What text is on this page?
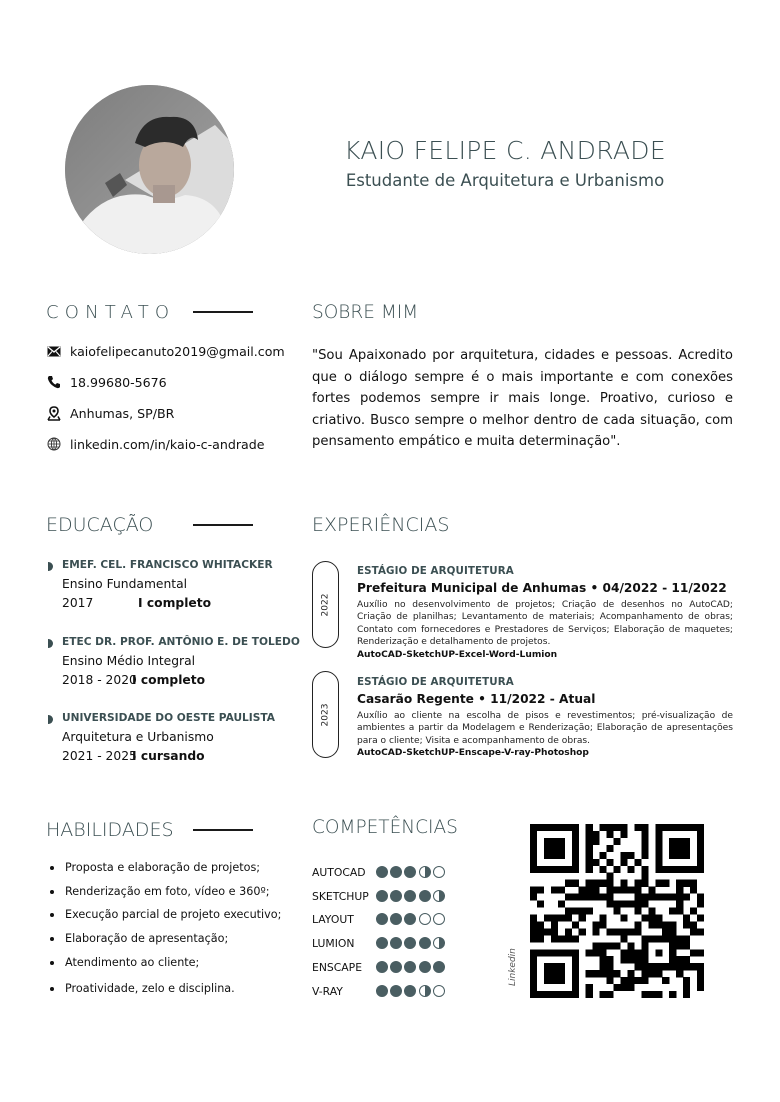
KAIO FELIPE C. ANDRADE
Estudante de Arquitetura e Urbanismo
CONTATO
kaiofelipecanuto2019@gmail.com
18.99680-5676
Anhumas, SP/BR
linkedin.com/in/kaio-c-andrade
SOBRE MIM

"Sou Apaixonado por arquitetura, cidades e pessoas. Acredito que o diálogo sempre é o mais importante e com conexões fortes podemos sempre ir mais longe. Proativo, curioso e criativo. Busco sempre o melhor dentro de cada situação, com pensamento empático e muita determinação".

EDUCAÇÃO
EMEF. CEL. FRANCISCO WHITACKER
Ensino Fundamental
2017	I completo
ETEC DR. PROF. ANTÔNIO E. DE TOLEDO
Ensino Médio Integral
2018 - 2020
I completo
UNIVERSIDADE DO OESTE PAULISTA
Arquitetura e Urbanismo
2021 - 2025
I cursando
EXPERIÊNCIAS
2022
ESTÁGIO DE ARQUITETURA
Prefeitura Municipal de Anhumas • 04/2022 - 11/2022
Auxílio no desenvolvimento de projetos; Criação de desenhos no AutoCAD; Criação de planilhas; Levantamento de materiais; Acompanhamento de obras; Contato com fornecedores e Prestadores de Serviços; Elaboração de maquetes; Renderização e detalhamento de projetos.
AutoCAD-SketchUP-Excel-Word-Lumion
2023
ESTÁGIO DE ARQUITETURA
Casarão Regente • 11/2022 - Atual
Auxílio ao cliente na escolha de pisos e revestimentos; pré-visualização de ambientes a partir da Modelagem e Renderização; Elaboração de apresentações para o cliente; Visita e acompanhamento de obras.
AutoCAD-SketchUP-Enscape-V-ray-Photoshop
HABILIDADES
Proposta e elaboração de projetos;
Renderização em foto, vídeo e 360º;
Execução parcial de projeto executivo;
Elaboração de apresentação;
Atendimento ao cliente;
Proatividade, zelo e disciplina.
COMPETÊNCIAS
AUTOCAD
SKETCHUP
LAYOUT
LUMION
ENSCAPE
V-RAY
Linkedin
